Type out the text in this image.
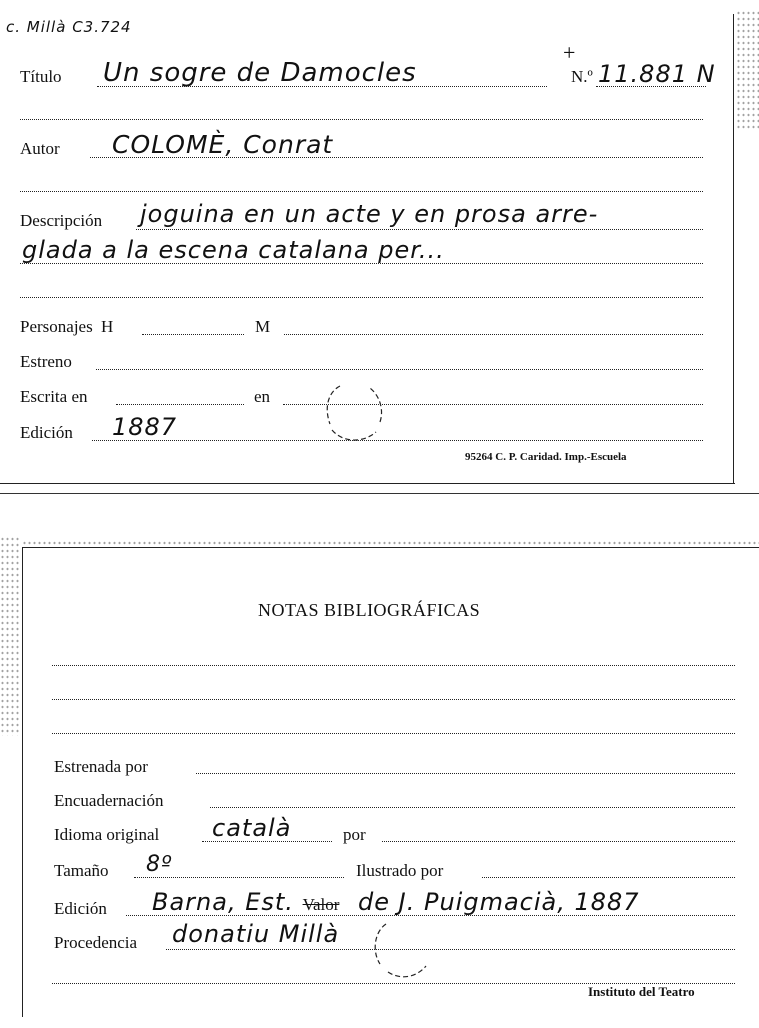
c. Millà C3.724
Título Un sogre de Damocles
+
N.º 11.881 N
Autor COLOMÈ, Conrat
Descripción joguina en un acte y en prosa arre-
glada a la escena catalana per...
Personajes H	M
Estreno
Escrita en	en
Edición 1887
95264 C. P. Caridad. Imp.-Escuela
NOTAS BIBLIOGRÁFICAS
Estrenada por
Encuadernación
Idioma original català	por
Tamaño 8º	Ilustrado por
Edición Barna, Est. Valor de J. Puigmacià, 1887
Procedencia donatiu Millà
Instituto del Teatro
